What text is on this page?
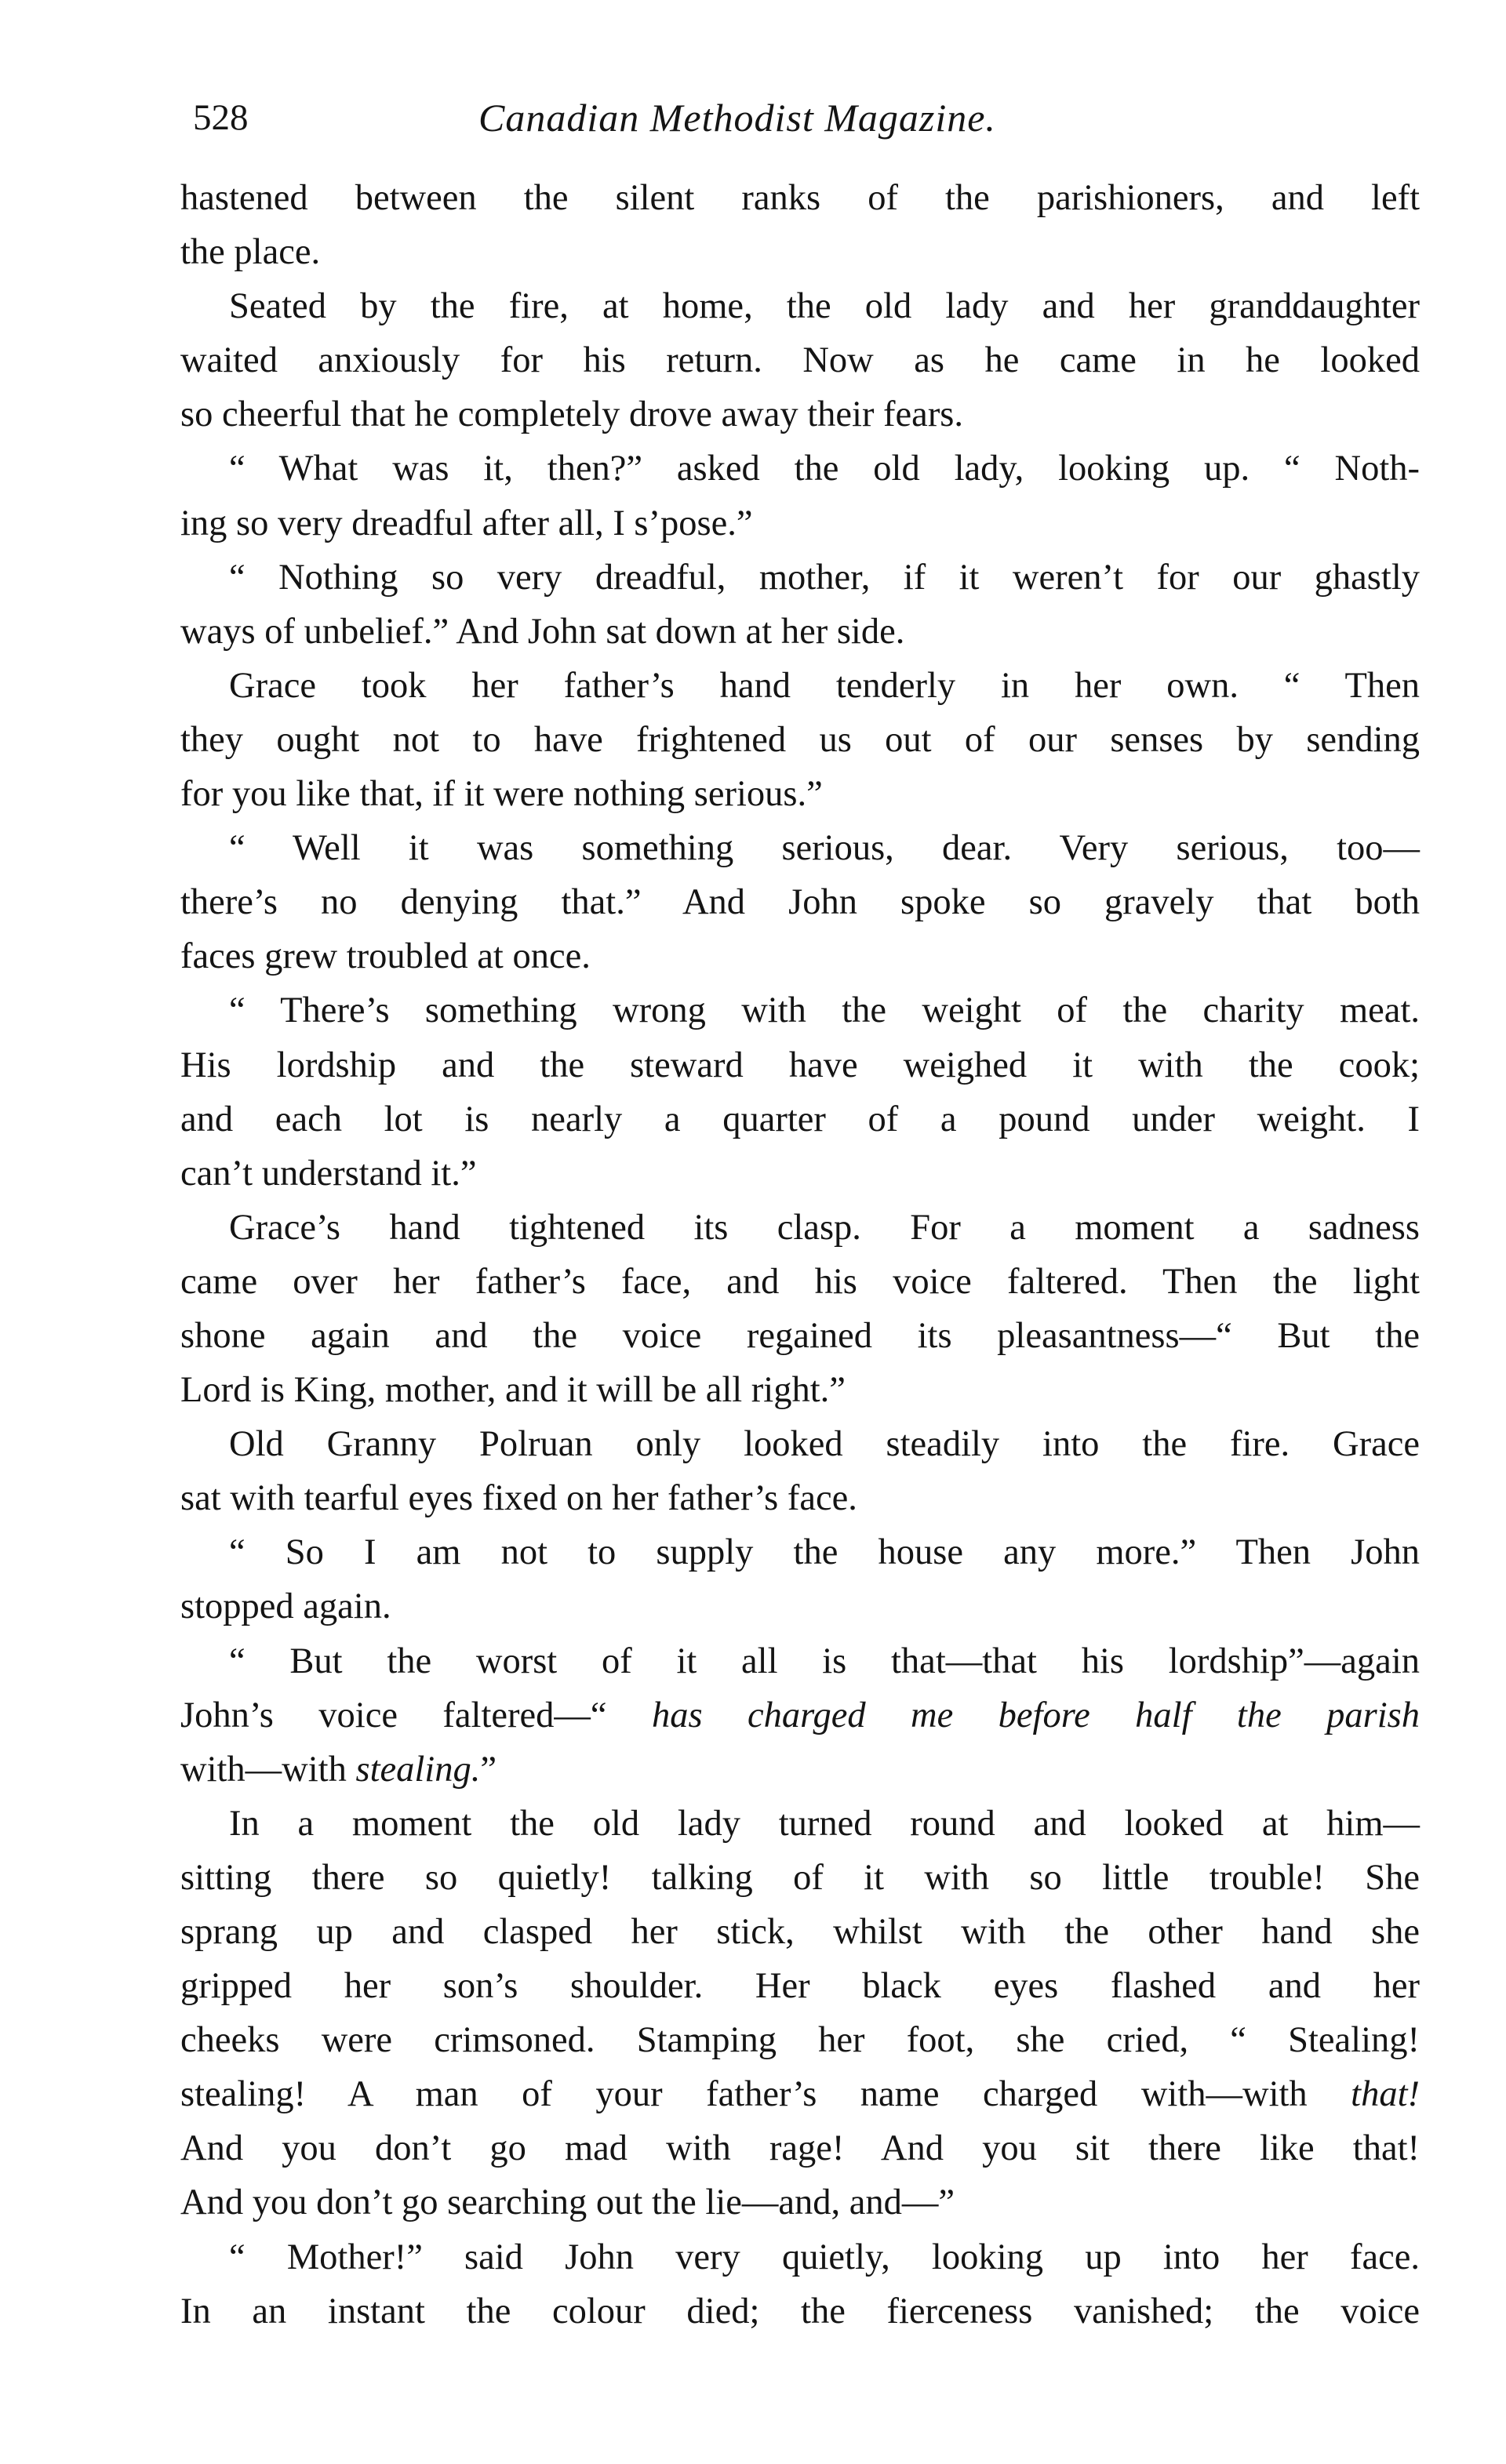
528	Canadian Methodist Magazine.
hastened between the silent ranks of the parishioners, and left
the place.
Seated by the fire, at home, the old lady and her granddaughter
waited anxiously for his return. Now as he came in he looked
so cheerful that he completely drove away their fears.
“ What was it, then?” asked the old lady, looking up. “ Noth-
ing so very dreadful after all, I s’pose.”
“ Nothing so very dreadful, mother, if it weren’t for our ghastly
ways of unbelief.” And John sat down at her side.
Grace took her father’s hand tenderly in her own. “ Then
they ought not to have frightened us out of our senses by sending
for you like that, if it were nothing serious.”
“ Well it was something serious, dear. Very serious, too—
there’s no denying that.” And John spoke so gravely that both
faces grew troubled at once.
“ There’s something wrong with the weight of the charity meat.
His lordship and the steward have weighed it with the cook;
and each lot is nearly a quarter of a pound under weight. I
can’t understand it.”
Grace’s hand tightened its clasp. For a moment a sadness
came over her father’s face, and his voice faltered. Then the light
shone again and the voice regained its pleasantness—“ But the
Lord is King, mother, and it will be all right.”
Old Granny Polruan only looked steadily into the fire. Grace
sat with tearful eyes fixed on her father’s face.
“ So I am not to supply the house any more.” Then John
stopped again.
“ But the worst of it all is that—that his lordship”—again
John’s voice faltered—“ has charged me before half the parish
with—with stealing.”
In a moment the old lady turned round and looked at him—
sitting there so quietly! talking of it with so little trouble! She
sprang up and clasped her stick, whilst with the other hand she
gripped her son’s shoulder. Her black eyes flashed and her
cheeks were crimsoned. Stamping her foot, she cried, “ Stealing!
stealing! A man of your father’s name charged with—with that!
And you don’t go mad with rage! And you sit there like that!
And you don’t go searching out the lie—and, and—”
“ Mother!” said John very quietly, looking up into her face.
In an instant the colour died; the fierceness vanished; the voice
